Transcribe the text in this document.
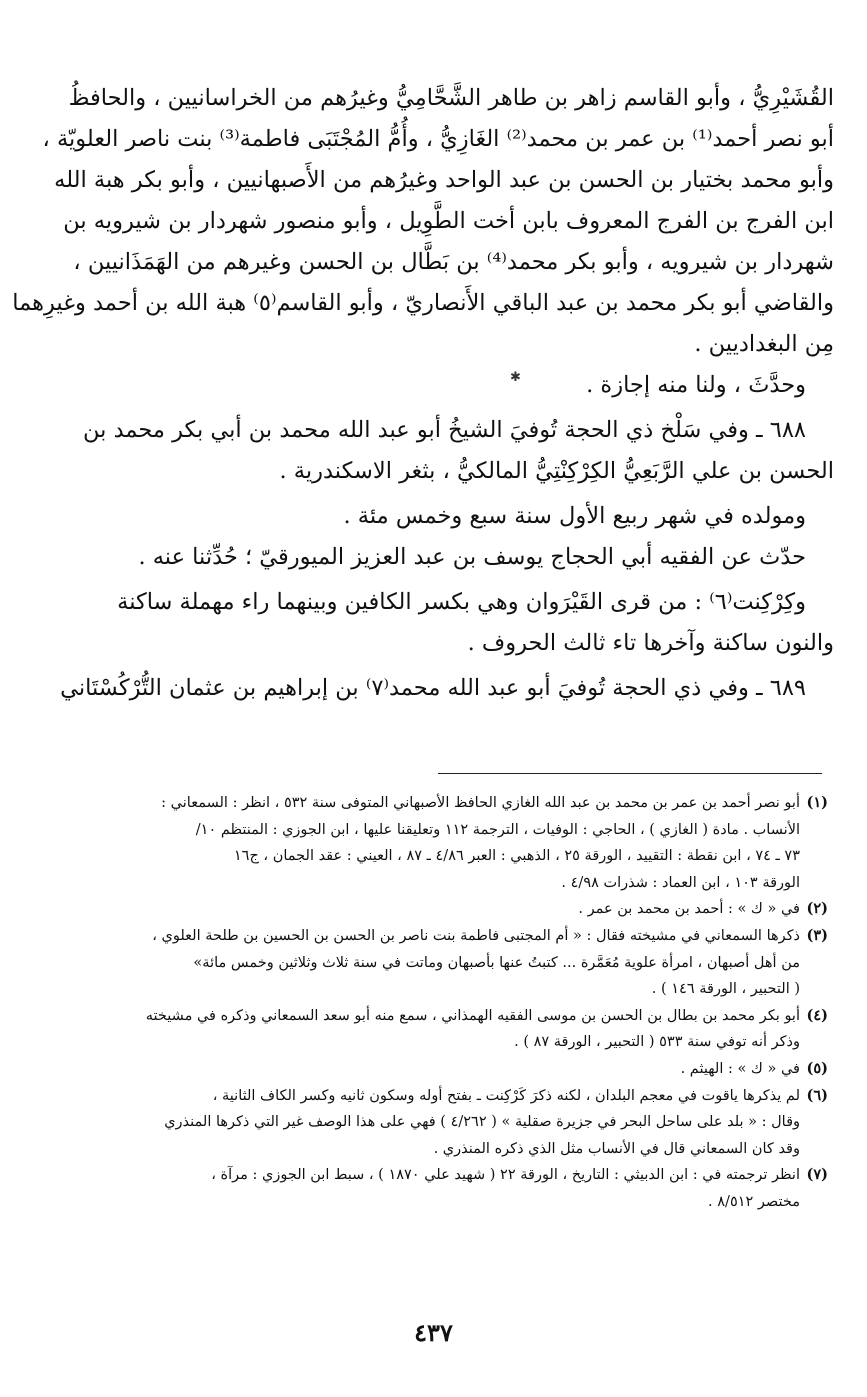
القُشَيْرِيُّ ، وأبو القاسم زاهر بن طاهر الشَّحَّامِيُّ وغيرُهم من الخراسانيين ، والحافظُ
أبو نصر أحمد⁽¹⁾ بن عمر بن محمد⁽²⁾ الغَازِيُّ ، وأُمُّ المُجْتَبَى فاطمة⁽³⁾ بنت ناصر العلويّة ،
وأبو محمد بختيار بن الحسن بن عبد الواحد وغيرُهم من الأَصبهانيين ، وأبو بكر هبة الله
ابن الفرج بن الفرج المعروف بابن أخت الطَّوِيل ، وأبو منصور شهردار بن شيرويه بن
شهردار بن شيرويه ، وأبو بكر محمد⁽⁴⁾ بن بَطَّال بن الحسن وغيرهم من الهَمَذَانيين ،
والقاضي أبو بكر محمد بن عبد الباقي الأَنصاريّ ، وأبو القاسم⁽٥⁾ هبة الله بن أحمد وغيرِهما
مِن البغداديين .
وحدَّثَ ، ولنا منه إجازة .
٦٨٨ ـ وفي سَلْخ ذي الحجة تُوفيَ الشيخُ أبو عبد الله محمد بن أبي بكر محمد بن
الحسن بن علي الرَّبَعِيُّ الكِرْكِنْتِيُّ المالكيُّ ، بثغر الاسكندرية .
ومولده في شهر ربيع الأول سنة سبع وخمس مئة .
حدّث عن الفقيه أبي الحجاج يوسف بن عبد العزيز الميورقيّ ؛ حُدِّثنا عنه .
وكِرْكِنت⁽٦⁾ : من قرى القَيْرَوان وهي بكسر الكافين وبينهما راء مهملة ساكنة
والنون ساكنة وآخرها تاء ثالث الحروف .
٦٨٩ ـ وفي ذي الحجة تُوفيَ أبو عبد الله محمد⁽٧⁾ بن إبراهيم بن عثمان التُّرْكُسْتَاني
✱
(١)
أبو نصر أحمد بن عمر بن محمد بن عبد الله الغازي الحافظ الأصبهاني المتوفى سنة ٥٣٢ ، انظر : السمعاني :
الأنساب . مادة ( الغازي ) ، الحاجي : الوفيات ، الترجمة ١١٢ وتعليقنا عليها ، ابن الجوزي : المنتظم ١٠/
٧٣ ـ ٧٤ ، ابن نقطة : التقييد ، الورقة ٢٥ ، الذهبي : العبر ٤/٨٦ ـ ٨٧ ، العيني : عقد الجمان ، ج١٦
الورقة ١٠٣ ، ابن العماد : شذرات ٤/٩٨ .
(٢)
في « ك » : أحمد بن محمد بن عمر .
(٣)
ذكرها السمعاني في مشيخته فقال : « أم المجتبى فاطمة بنت ناصر بن الحسن بن الحسين بن طلحة العلوي ،
من أهل أصبهان ، امرأة علوية مُعَمَّرة ... كتبتُ عنها بأصبهان وماتت في سنة ثلاث وثلاثين وخمس مائة»
( التحبير ، الورقة ١٤٦ ) .
(٤)
أبو بكر محمد بن بطال بن الحسن بن موسى الفقيه الهمذاني ، سمع منه أبو سعد السمعاني وذكره في مشيخته
وذكر أنه توفي سنة ٥٣٣ ( التحبير ، الورقة ٨٧ ) .
(٥)
في « ك » : الهيثم .
(٦)
لم يذكرها ياقوت في معجم البلدان ، لكنه ذكرَ كَرْكِنت ـ بفتح أوله وسكون ثانيه وكسر الكاف الثانية ،
وقال : « بلد على ساحل البحر في جزيرة صقلية » ( ٤/٢٦٢ ) فهي على هذا الوصف غير التي ذكرها المنذري
وقد كان السمعاني قال في الأنساب مثل الذي ذكره المنذري .
(٧)
انظر ترجمته في : ابن الدبيثي : التاريخ ، الورقة ٢٢ ( شهيد علي ١٨٧٠ ) ، سبط ابن الجوزي : مرآة ،
مختصر ٨/٥١٢ .
٤٣٧
